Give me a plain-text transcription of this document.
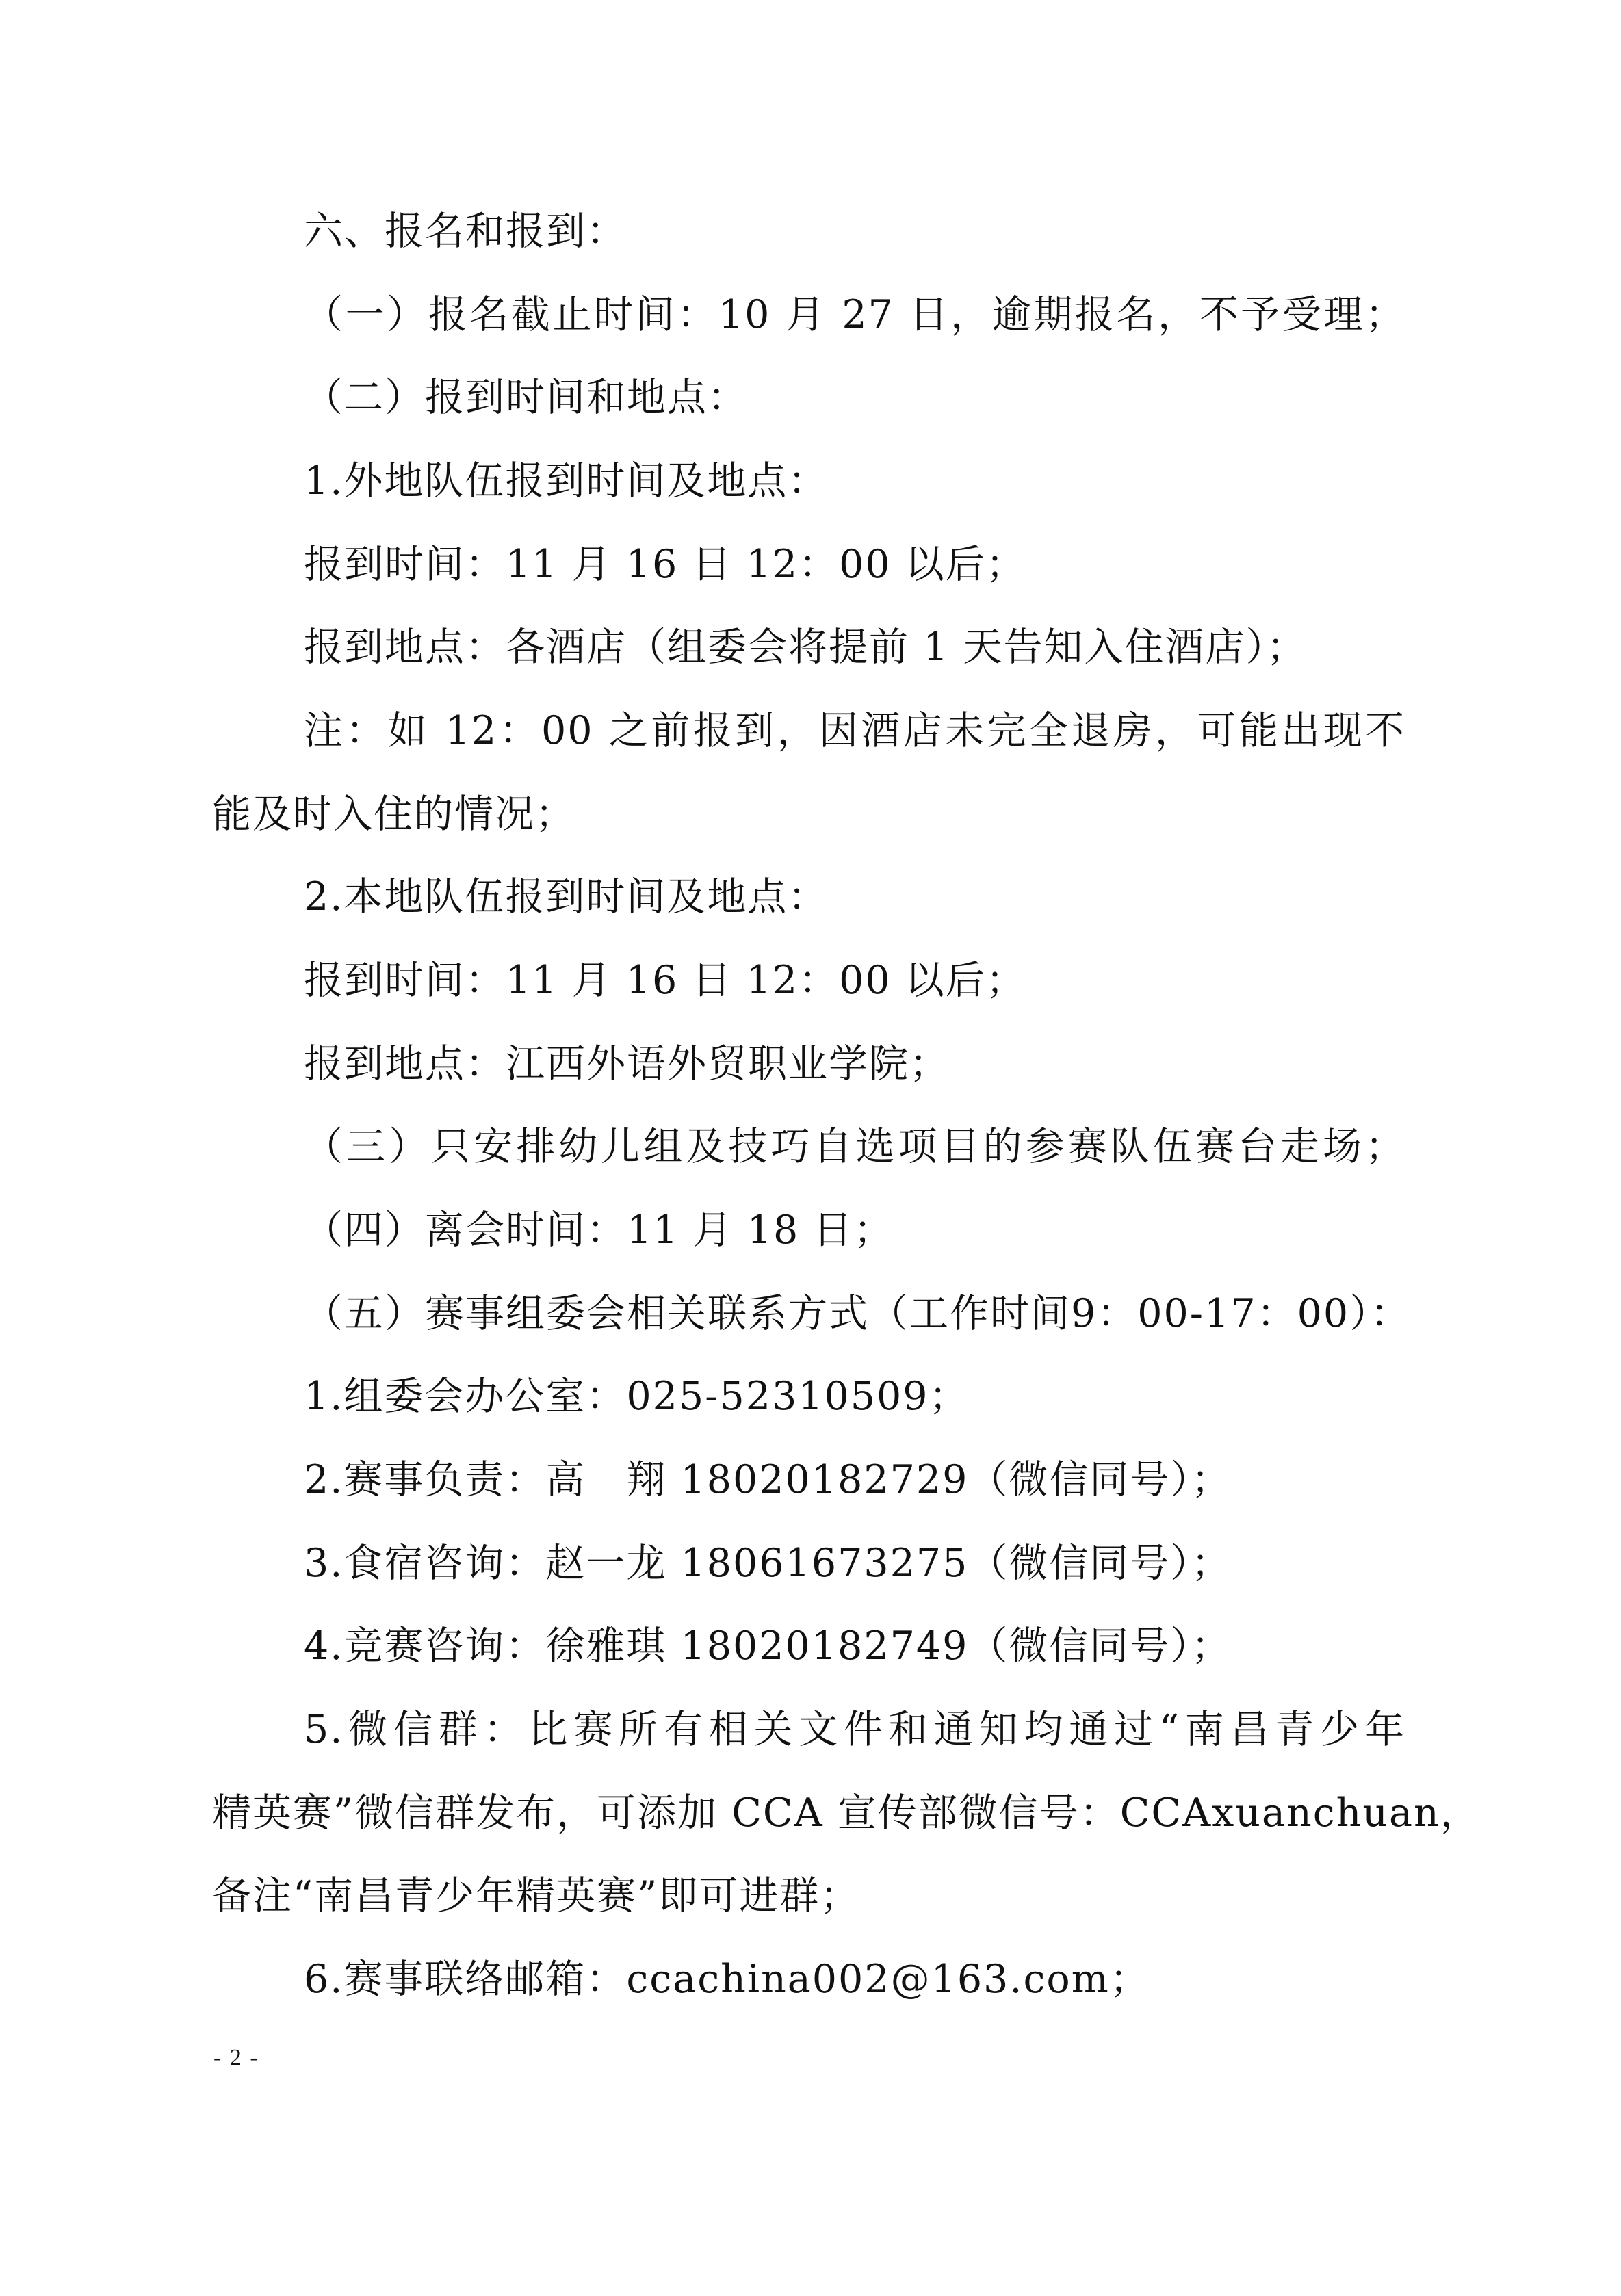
六、报名和报到：
（一）报名截止时间：10 月 27 日，逾期报名，不予受理；
（二）报到时间和地点：
1.外地队伍报到时间及地点：
报到时间：11 月 16 日 12：00 以后；
报到地点：各酒店（组委会将提前 1 天告知入住酒店）；
注：如 12：00 之前报到，因酒店未完全退房，可能出现不
能及时入住的情况；
2.本地队伍报到时间及地点：
报到时间：11 月 16 日 12：00 以后；
报到地点：江西外语外贸职业学院；
（三）只安排幼儿组及技巧自选项目的参赛队伍赛台走场；
（四）离会时间：11 月 18 日；
（五）赛事组委会相关联系方式（工作时间9：00-17：00）：
1.组委会办公室：025-52310509；
2.赛事负责：高　翔 18020182729（微信同号）；
3.食宿咨询：赵一龙 18061673275（微信同号）；
4.竞赛咨询：徐雅琪 18020182749（微信同号）；
5.微信群：比赛所有相关文件和通知均通过“南昌青少年
精英赛”微信群发布，可添加 CCA 宣传部微信号：CCAxuanchuan，
备注“南昌青少年精英赛”即可进群；
6.赛事联络邮箱：ccachina002@163.com；
- 2 -
